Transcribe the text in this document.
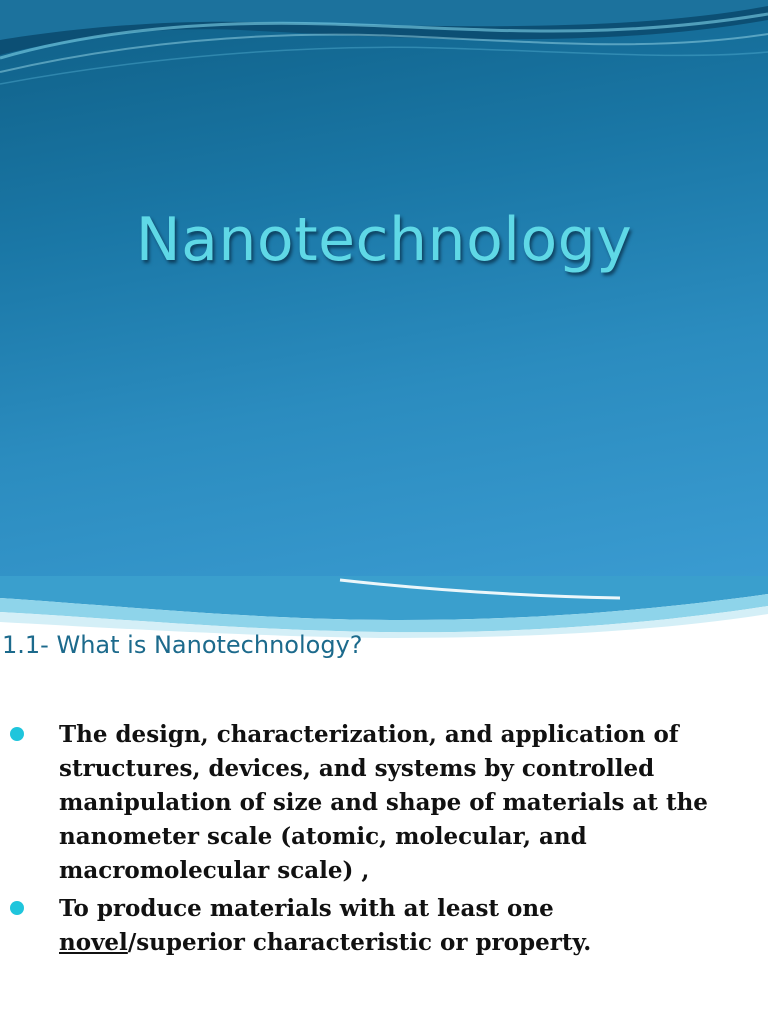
Nanotechnology
1.1- What is Nanotechnology?
The design, characterization, and application of
structures, devices, and systems by controlled
manipulation of size and shape of materials at the
nanometer scale (atomic, molecular, and
macromolecular scale) ,
To produce materials with at least one
novel/superior characteristic or property.
